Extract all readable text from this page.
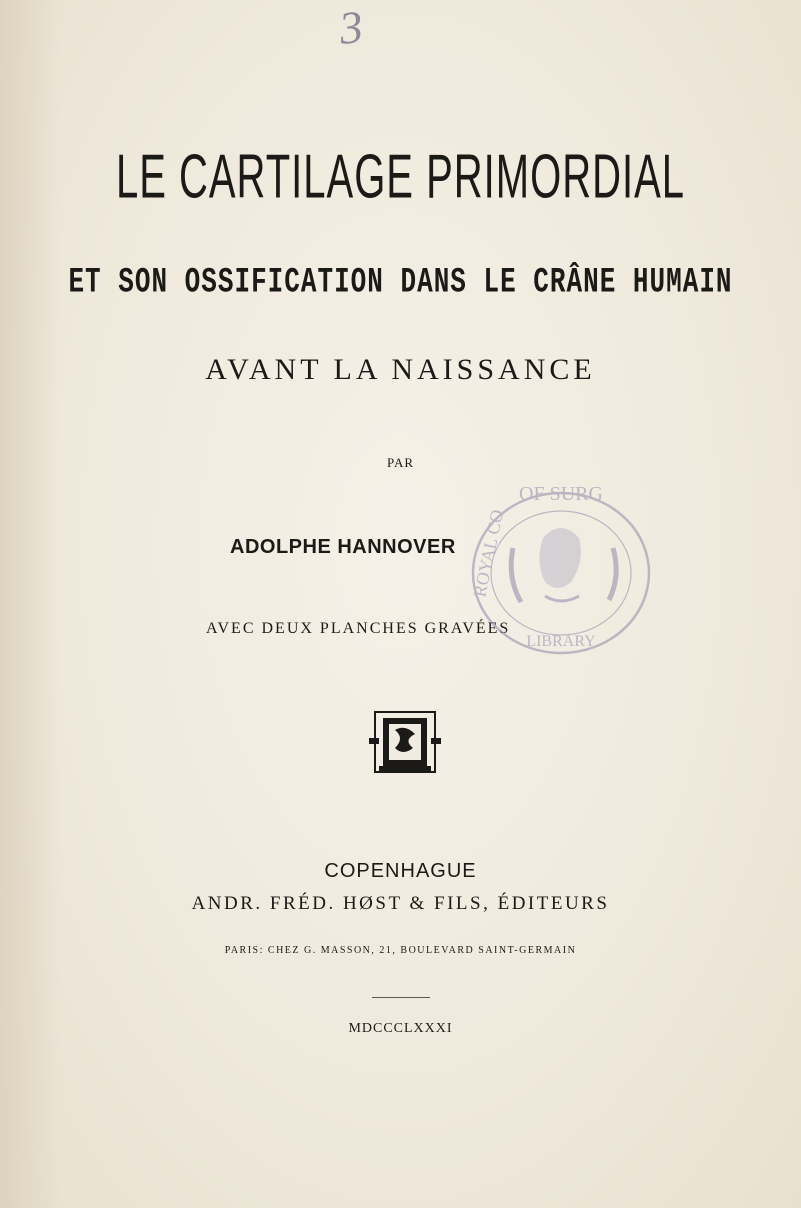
3
LE CARTILAGE PRIMORDIAL
ET SON OSSIFICATION DANS LE CRÂNE HUMAIN
AVANT LA NAISSANCE
PAR
ADOLPHE HANNOVER
AVEC DEUX PLANCHES GRAVÉES
OF SURG
ROYAL CO
LIBRARY
COPENHAGUE
ANDR. FRÉD. HØST & FILS, ÉDITEURS
PARIS: CHEZ G. MASSON, 21, BOULEVARD SAINT-GERMAIN
MDCCCLXXXI
